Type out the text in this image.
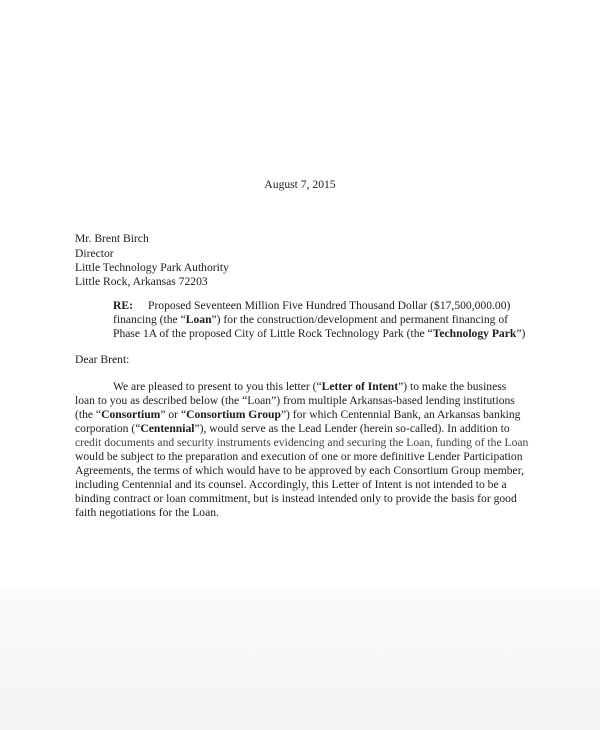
August 7, 2015
Mr. Brent Birch
Director
Little Technology Park Authority
Little Rock, Arkansas 72203
RE: Proposed Seventeen Million Five Hundred Thousand Dollar ($17,500,000.00)
financing (the “Loan”) for the construction/development and permanent financing of
Phase 1A of the proposed City of Little Rock Technology Park (the “Technology Park”)
Dear Brent:
We are pleased to present to you this letter (“Letter of Intent”) to make the business
loan to you as described below (the “Loan”) from multiple Arkansas-based lending institutions
(the “Consortium” or “Consortium Group”) for which Centennial Bank, an Arkansas banking
corporation (“Centennial”), would serve as the Lead Lender (herein so-called). In addition to
credit documents and security instruments evidencing and securing the Loan, funding of the Loan
would be subject to the preparation and execution of one or more definitive Lender Participation
Agreements, the terms of which would have to be approved by each Consortium Group member,
including Centennial and its counsel. Accordingly, this Letter of Intent is not intended to be a
binding contract or loan commitment, but is instead intended only to provide the basis for good
faith negotiations for the Loan.
